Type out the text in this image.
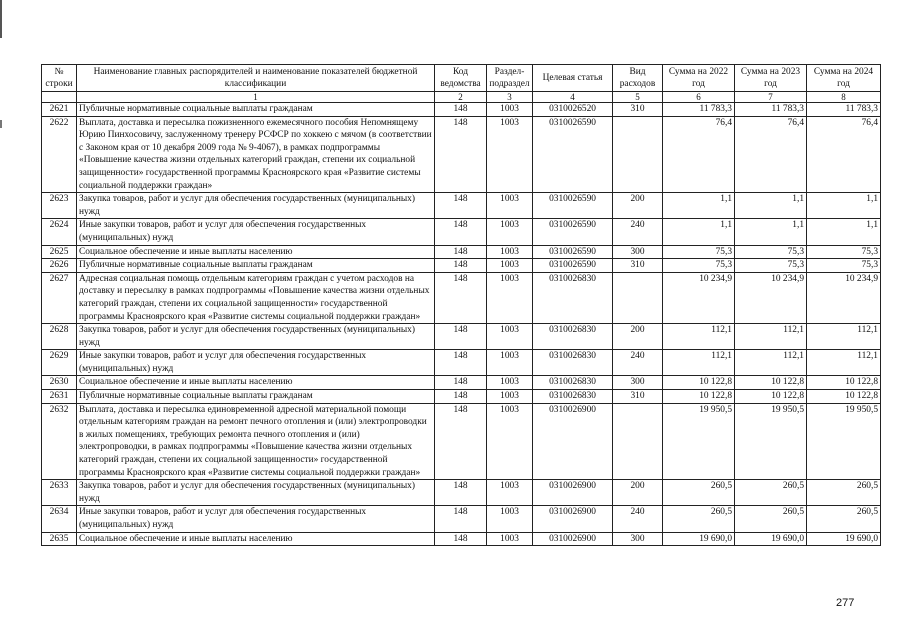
№ строки	Наименование главных распорядителей и наименование показателей бюджетной классификации	Код ведомства	Раздел-подраздел	Целевая статья	Вид расходов	Сумма на 2022 год	Сумма на 2023 год	Сумма на 2024 год
	1	2	3	4	5	6	7	8
2621	Публичные нормативные социальные выплаты гражданам	148	1003	0310026520	310	11 783,3	11 783,3	11 783,3
2622	Выплата, доставка и пересылка пожизненного ежемесячного пособия Непомнящему Юрию Пинхосовичу, заслуженному тренеру РСФСР по хоккею с мячом (в соответствии с Законом края от 10 декабря 2009 года № 9-4067), в рамках подпрограммы «Повышение качества жизни отдельных категорий граждан, степени их социальной защищенности» государственной программы Красноярского края «Развитие системы социальной поддержки граждан»	148	1003	0310026590		76,4	76,4	76,4
2623	Закупка товаров, работ и услуг для обеспечения государственных (муниципальных) нужд	148	1003	0310026590	200	1,1	1,1	1,1
2624	Иные закупки товаров, работ и услуг для обеспечения государственных (муниципальных) нужд	148	1003	0310026590	240	1,1	1,1	1,1
2625	Социальное обеспечение и иные выплаты населению	148	1003	0310026590	300	75,3	75,3	75,3
2626	Публичные нормативные социальные выплаты гражданам	148	1003	0310026590	310	75,3	75,3	75,3
2627	Адресная социальная помощь отдельным категориям граждан с учетом расходов на доставку и пересылку в рамках подпрограммы «Повышение качества жизни отдельных категорий граждан, степени их социальной защищенности» государственной программы Красноярского края «Развитие системы социальной поддержки граждан»	148	1003	0310026830		10 234,9	10 234,9	10 234,9
2628	Закупка товаров, работ и услуг для обеспечения государственных (муниципальных) нужд	148	1003	0310026830	200	112,1	112,1	112,1
2629	Иные закупки товаров, работ и услуг для обеспечения государственных (муниципальных) нужд	148	1003	0310026830	240	112,1	112,1	112,1
2630	Социальное обеспечение и иные выплаты населению	148	1003	0310026830	300	10 122,8	10 122,8	10 122,8
2631	Публичные нормативные социальные выплаты гражданам	148	1003	0310026830	310	10 122,8	10 122,8	10 122,8
2632	Выплата, доставка и пересылка единовременной адресной материальной помощи отдельным категориям граждан на ремонт печного отопления и (или) электропроводки в жилых помещениях, требующих ремонта печного отопления и (или) электропроводки, в рамках подпрограммы «Повышение качества жизни отдельных категорий граждан, степени их социальной защищенности» государственной программы Красноярского края «Развитие системы социальной поддержки граждан»	148	1003	0310026900		19 950,5	19 950,5	19 950,5
2633	Закупка товаров, работ и услуг для обеспечения государственных (муниципальных) нужд	148	1003	0310026900	200	260,5	260,5	260,5
2634	Иные закупки товаров, работ и услуг для обеспечения государственных (муниципальных) нужд	148	1003	0310026900	240	260,5	260,5	260,5
2635	Социальное обеспечение и иные выплаты населению	148	1003	0310026900	300	19 690,0	19 690,0	19 690,0
277
